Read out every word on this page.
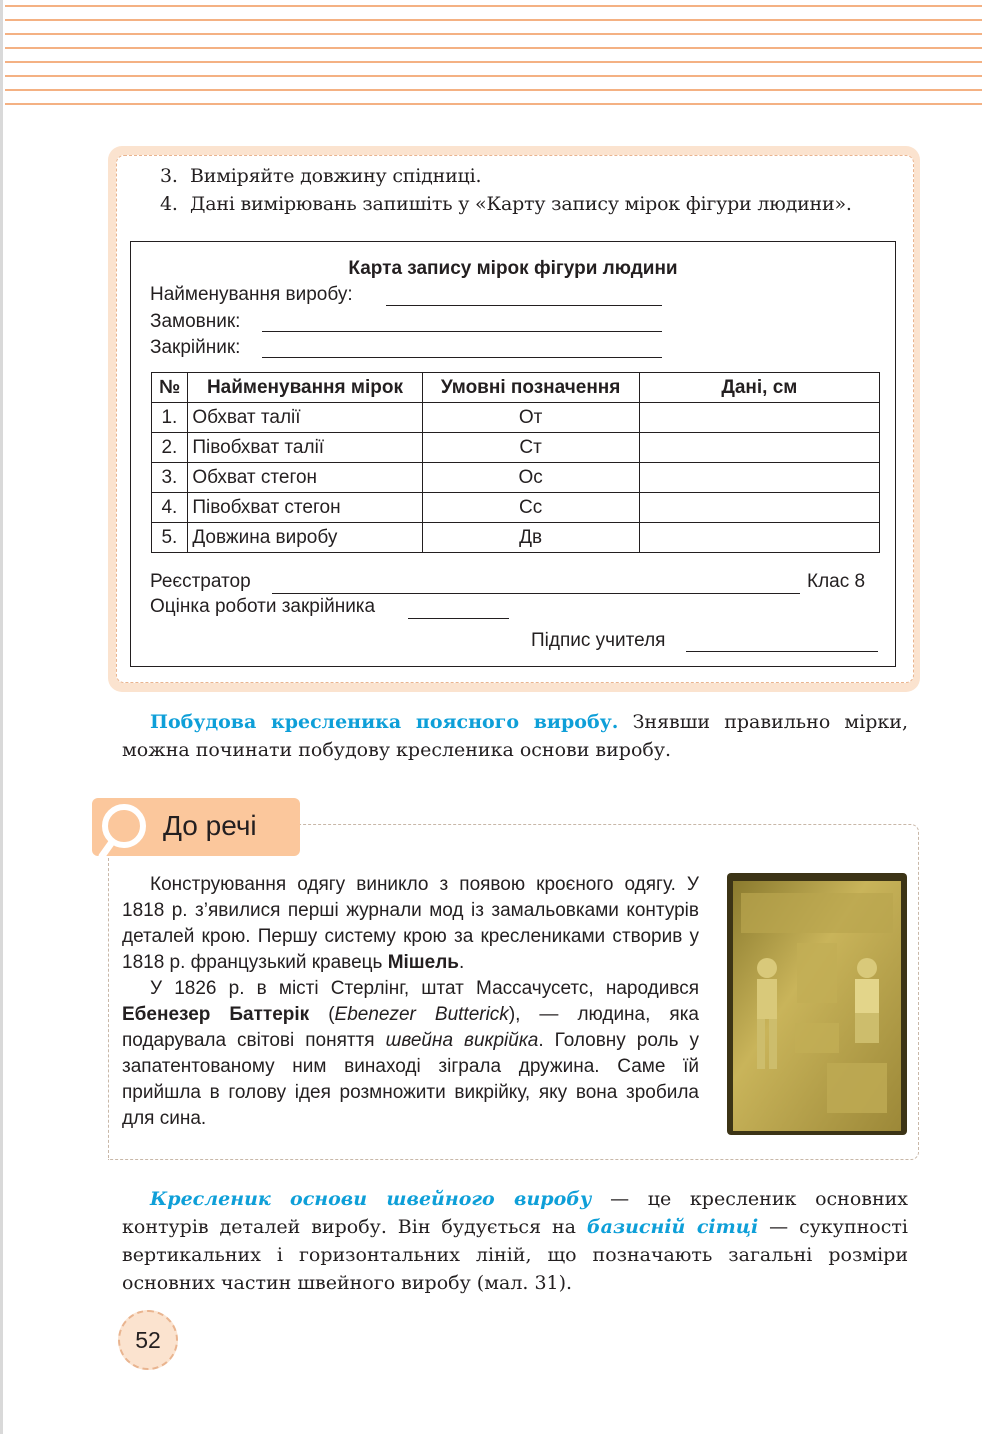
3. Виміряйте довжину спідниці.
4. Дані вимірювань запишіть у «Карту запису мірок фігури людини».
Карта запису мірок фігури людини
Найменування виробу:
Замовник:
Закрійник:
№	Найменування мірок	Умовні позначення	Дані, см
1.	Обхват талії	От	
2.	Півобхват талії	Ст	
3.	Обхват стегон	Ос	
4.	Півобхват стегон	Сс	
5.	Довжина виробу	Дв	
Реєстратор	Клас 8
Оцінка роботи закрійника
Підпис учителя
Побудова кресленика поясного виробу. Знявши правильно мірки, можна починати побудову кресленика основи виробу.
До речі
Конструювання одягу виникло з появою кроєного одягу. У 1818 р. з’явилися перші журнали мод із замальовками контурів деталей крою. Першу систему крою за креслениками створив у 1818 р. французький кравець Мішель.
У 1826 р. в місті Стерлінг, штат Массачусетс, народився Ебенезер Баттерік (Ebenezer Butterick), — людина, яка подарувала світові поняття швейна викрійка. Головну роль у запатентованому ним винаході зіграла дружина. Саме їй прийшла в голову ідея розмножити викрійку, яку вона зробила для сина.
Кресленик основи швейного виробу — це кресленик основних контурів деталей виробу. Він будується на базисній сітці — сукупності вертикальних і горизонтальних ліній, що позначають загальні розміри основних частин швейного виробу (мал. 31).
52
